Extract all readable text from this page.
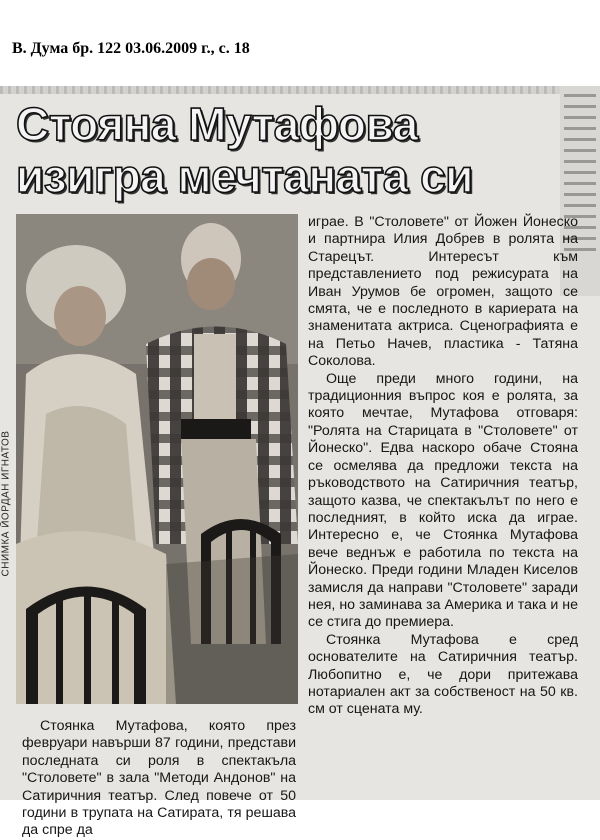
В. Дума бр. 122 03.06.2009 г., с. 18
Стояна Мутафова изигра мечтаната си
СНИМКА ЙОРДАН ИГНАТОВ

Стоянка Мутафова, която през февруари навърши 87 години, представи последната си роля в спектакъла "Столовете" в зала "Методи Андонов" на Сатиричния театър. След повече от 50 години в трупата на Сатирата, тя решава да спре да

играе. В "Столовете" от Йожен Йонеско и партнира Илия Добрев в ролята на Старецът. Интересът към представлението под режисурата на Иван Урумов бе огромен, защото се смята, че е последното в кариерата на знаменитата актриса. Сценографията е на Петьо Начев, пластика - Татяна Соколова.

Още преди много години, на традиционния въпрос коя е ролята, за която мечтае, Мутафова отговаря: "Ролята на Старицата в "Столовете" от Йонеско". Едва наскоро обаче Стояна се осмелява да предложи текста на ръководството на Сатиричния театър, защото казва, че спектакълът по него е последният, в който иска да играе. Интересно е, че Стоянка Мутафова вече веднъж е работила по текста на Йонеско. Преди години Младен Киселов замисля да направи "Столовете" заради нея, но заминава за Америка и така и не се стига до премиера.

Стоянка Мутафова е сред основателите на Сатиричния театър. Любопитно е, че дори притежава нотариален акт за собственост на 50 кв. см от сцената му.
